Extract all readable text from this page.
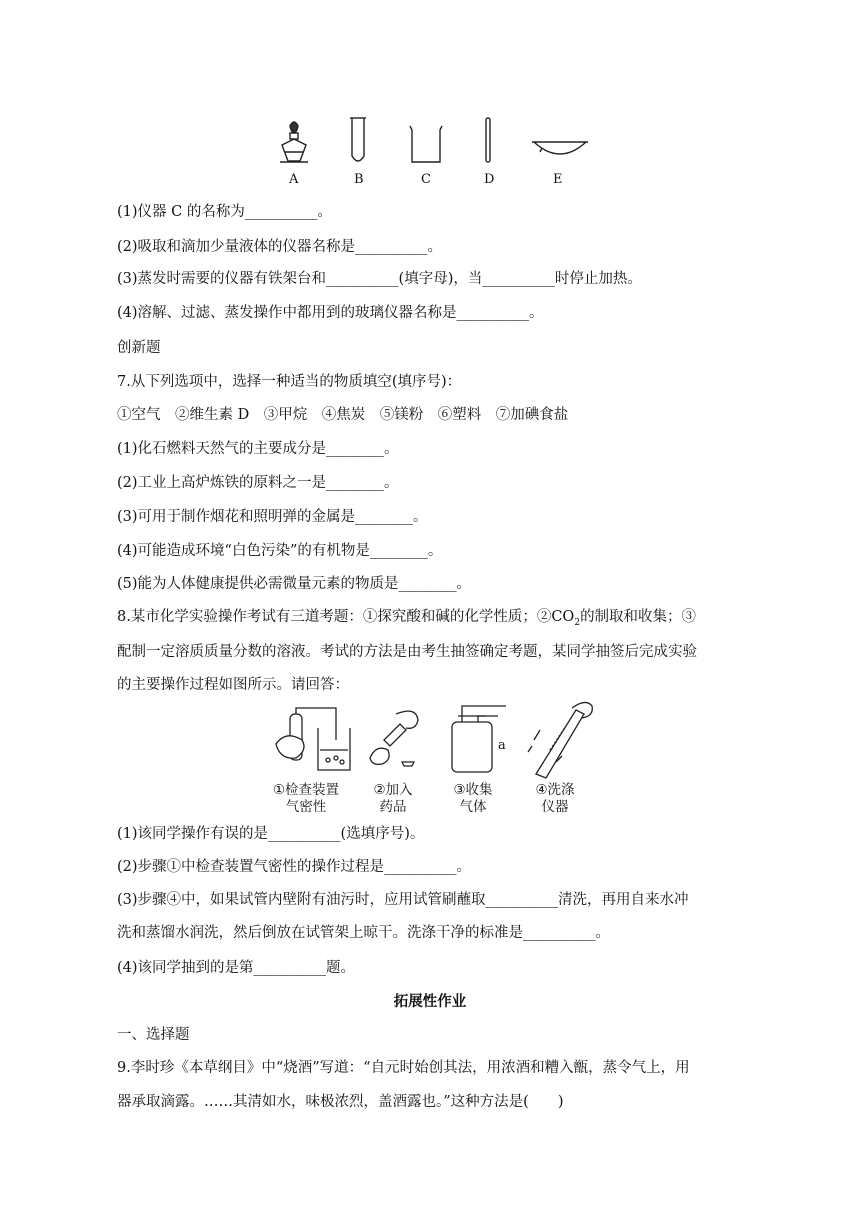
A	B	C	D	E
(1)仪器 C 的名称为__________。
(2)吸取和滴加少量液体的仪器名称是__________。
(3)蒸发时需要的仪器有铁架台和__________(填字母)，当__________时停止加热。
(4)溶解、过滤、蒸发操作中都用到的玻璃仪器名称是__________。
创新题
7.从下列选项中，选择一种适当的物质填空(填序号)：
①空气　②维生素 D　③甲烷　④焦炭　⑤镁粉　⑥塑料　⑦加碘食盐
(1)化石燃料天然气的主要成分是________。
(2)工业上高炉炼铁的原料之一是________。
(3)可用于制作烟花和照明弹的金属是________。
(4)可能造成环境“白色污染”的有机物是________。
(5)能为人体健康提供必需微量元素的物质是________。
8.某市化学实验操作考试有三道考题：①探究酸和碱的化学性质；$②CO_2$的制取和收集；③
配制一定溶质质量分数的溶液。考试的方法是由考生抽签确定考题，某同学抽签后完成实验
的主要操作过程如图所示。请回答：
a
①检查装置
气密性
②加入
药品
③收集
气体
④洗涤
仪器
(1)该同学操作有误的是__________(选填序号)。
(2)步骤①中检查装置气密性的操作过程是__________。
(3)步骤④中，如果试管内壁附有油污时，应用试管刷蘸取__________清洗，再用自来水冲
洗和蒸馏水润洗，然后倒放在试管架上晾干。洗涤干净的标准是__________。
(4)该同学抽到的是第__________题。
拓展性作业
一、选择题
9.李时珍《本草纲目》中“烧酒”写道：“自元时始创其法，用浓酒和糟入甑，蒸令气上，用
器承取滴露。……其清如水，味极浓烈，盖酒露也。”这种方法是(　　)
